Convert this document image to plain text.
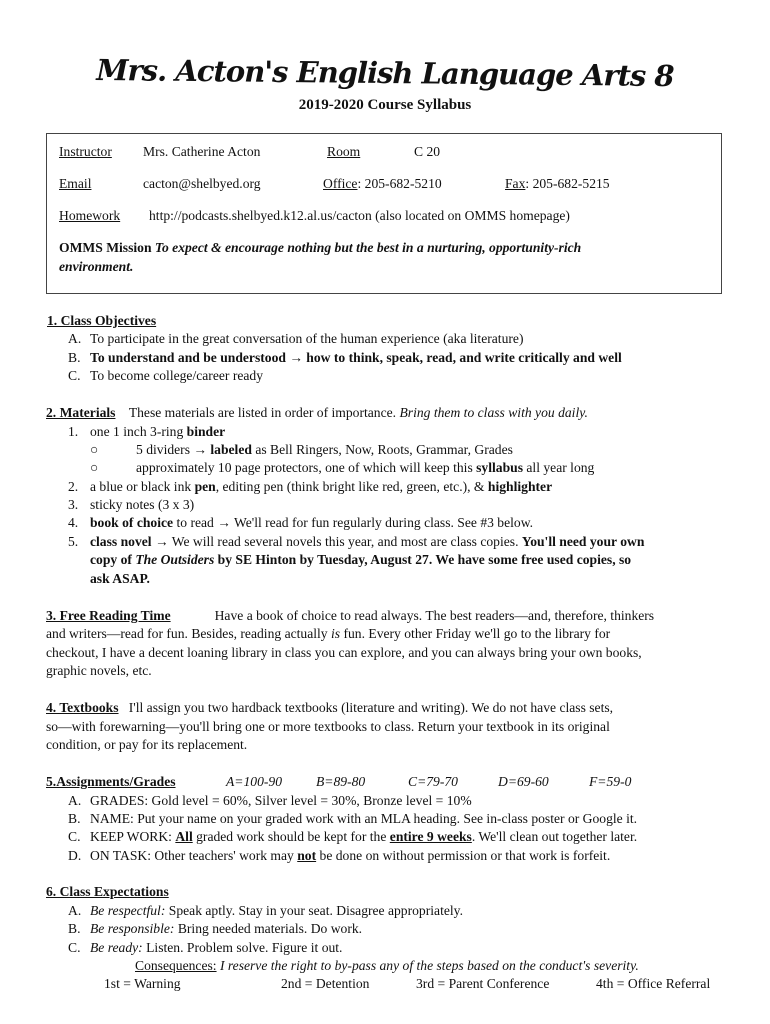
Mrs. Acton's English Language Arts 8
2019-2020 Course Syllabus
Instructor Mrs. Catherine Acton	Room	C 20
Email	cacton@shelbyed.org	Office: 205-682-5210	Fax: 205-682-5215
Homework http://podcasts.shelbyed.k12.al.us/cacton (also located on OMMS homepage)
OMMS Mission To expect & encourage nothing but the best in a nurturing, opportunity-rich
environment.
1. Class Objectives
A. To participate in the great conversation of the human experience (aka literature)
B. To understand and be understood → how to think, speak, read, and write critically and well
C. To become college/career ready
2. Materials These materials are listed in order of importance. Bring them to class with you daily.
1. one 1 inch 3-ring binder
○	5 dividers → labeled as Bell Ringers, Now, Roots, Grammar, Grades
○	approximately 10 page protectors, one of which will keep this syllabus all year long
2. a blue or black ink pen, editing pen (think bright like red, green, etc.), & highlighter
3. sticky notes (3 x 3)
4. book of choice to read → We'll read for fun regularly during class. See #3 below.
5. class novel → We will read several novels this year, and most are class copies. You'll need your own
copy of The Outsiders by SE Hinton by Tuesday, August 27. We have some free used copies, so
ask ASAP.
3. Free Reading Time	Have a book of choice to read always. The best readers—and, therefore, thinkers
and writers—read for fun. Besides, reading actually is fun. Every other Friday we'll go to the library for
checkout, I have a decent loaning library in class you can explore, and you can always bring your own books,
graphic novels, etc.
4. Textbooks I'll assign you two hardback textbooks (literature and writing). We do not have class sets,
so—with forewarning—you'll bring one or more textbooks to class. Return your textbook in its original
condition, or pay for its replacement.
5.Assignments/Grades	A=100-90	B=89-80	C=79-70	D=69-60	F=59-0
A. GRADES: Gold level = 60%, Silver level = 30%, Bronze level = 10%
B. NAME: Put your name on your graded work with an MLA heading. See in-class poster or Google it.
C. KEEP WORK: All graded work should be kept for the entire 9 weeks. We'll clean out together later.
D. ON TASK: Other teachers' work may not be done on without permission or that work is forfeit.
6. Class Expectations
A. Be respectful: Speak aptly. Stay in your seat. Disagree appropriately.
B. Be responsible: Bring needed materials. Do work.
C. Be ready: Listen. Problem solve. Figure it out.
Consequences: I reserve the right to by-pass any of the steps based on the conduct's severity.
1st = Warning	2nd = Detention	3rd = Parent Conference	4th = Office Referral
